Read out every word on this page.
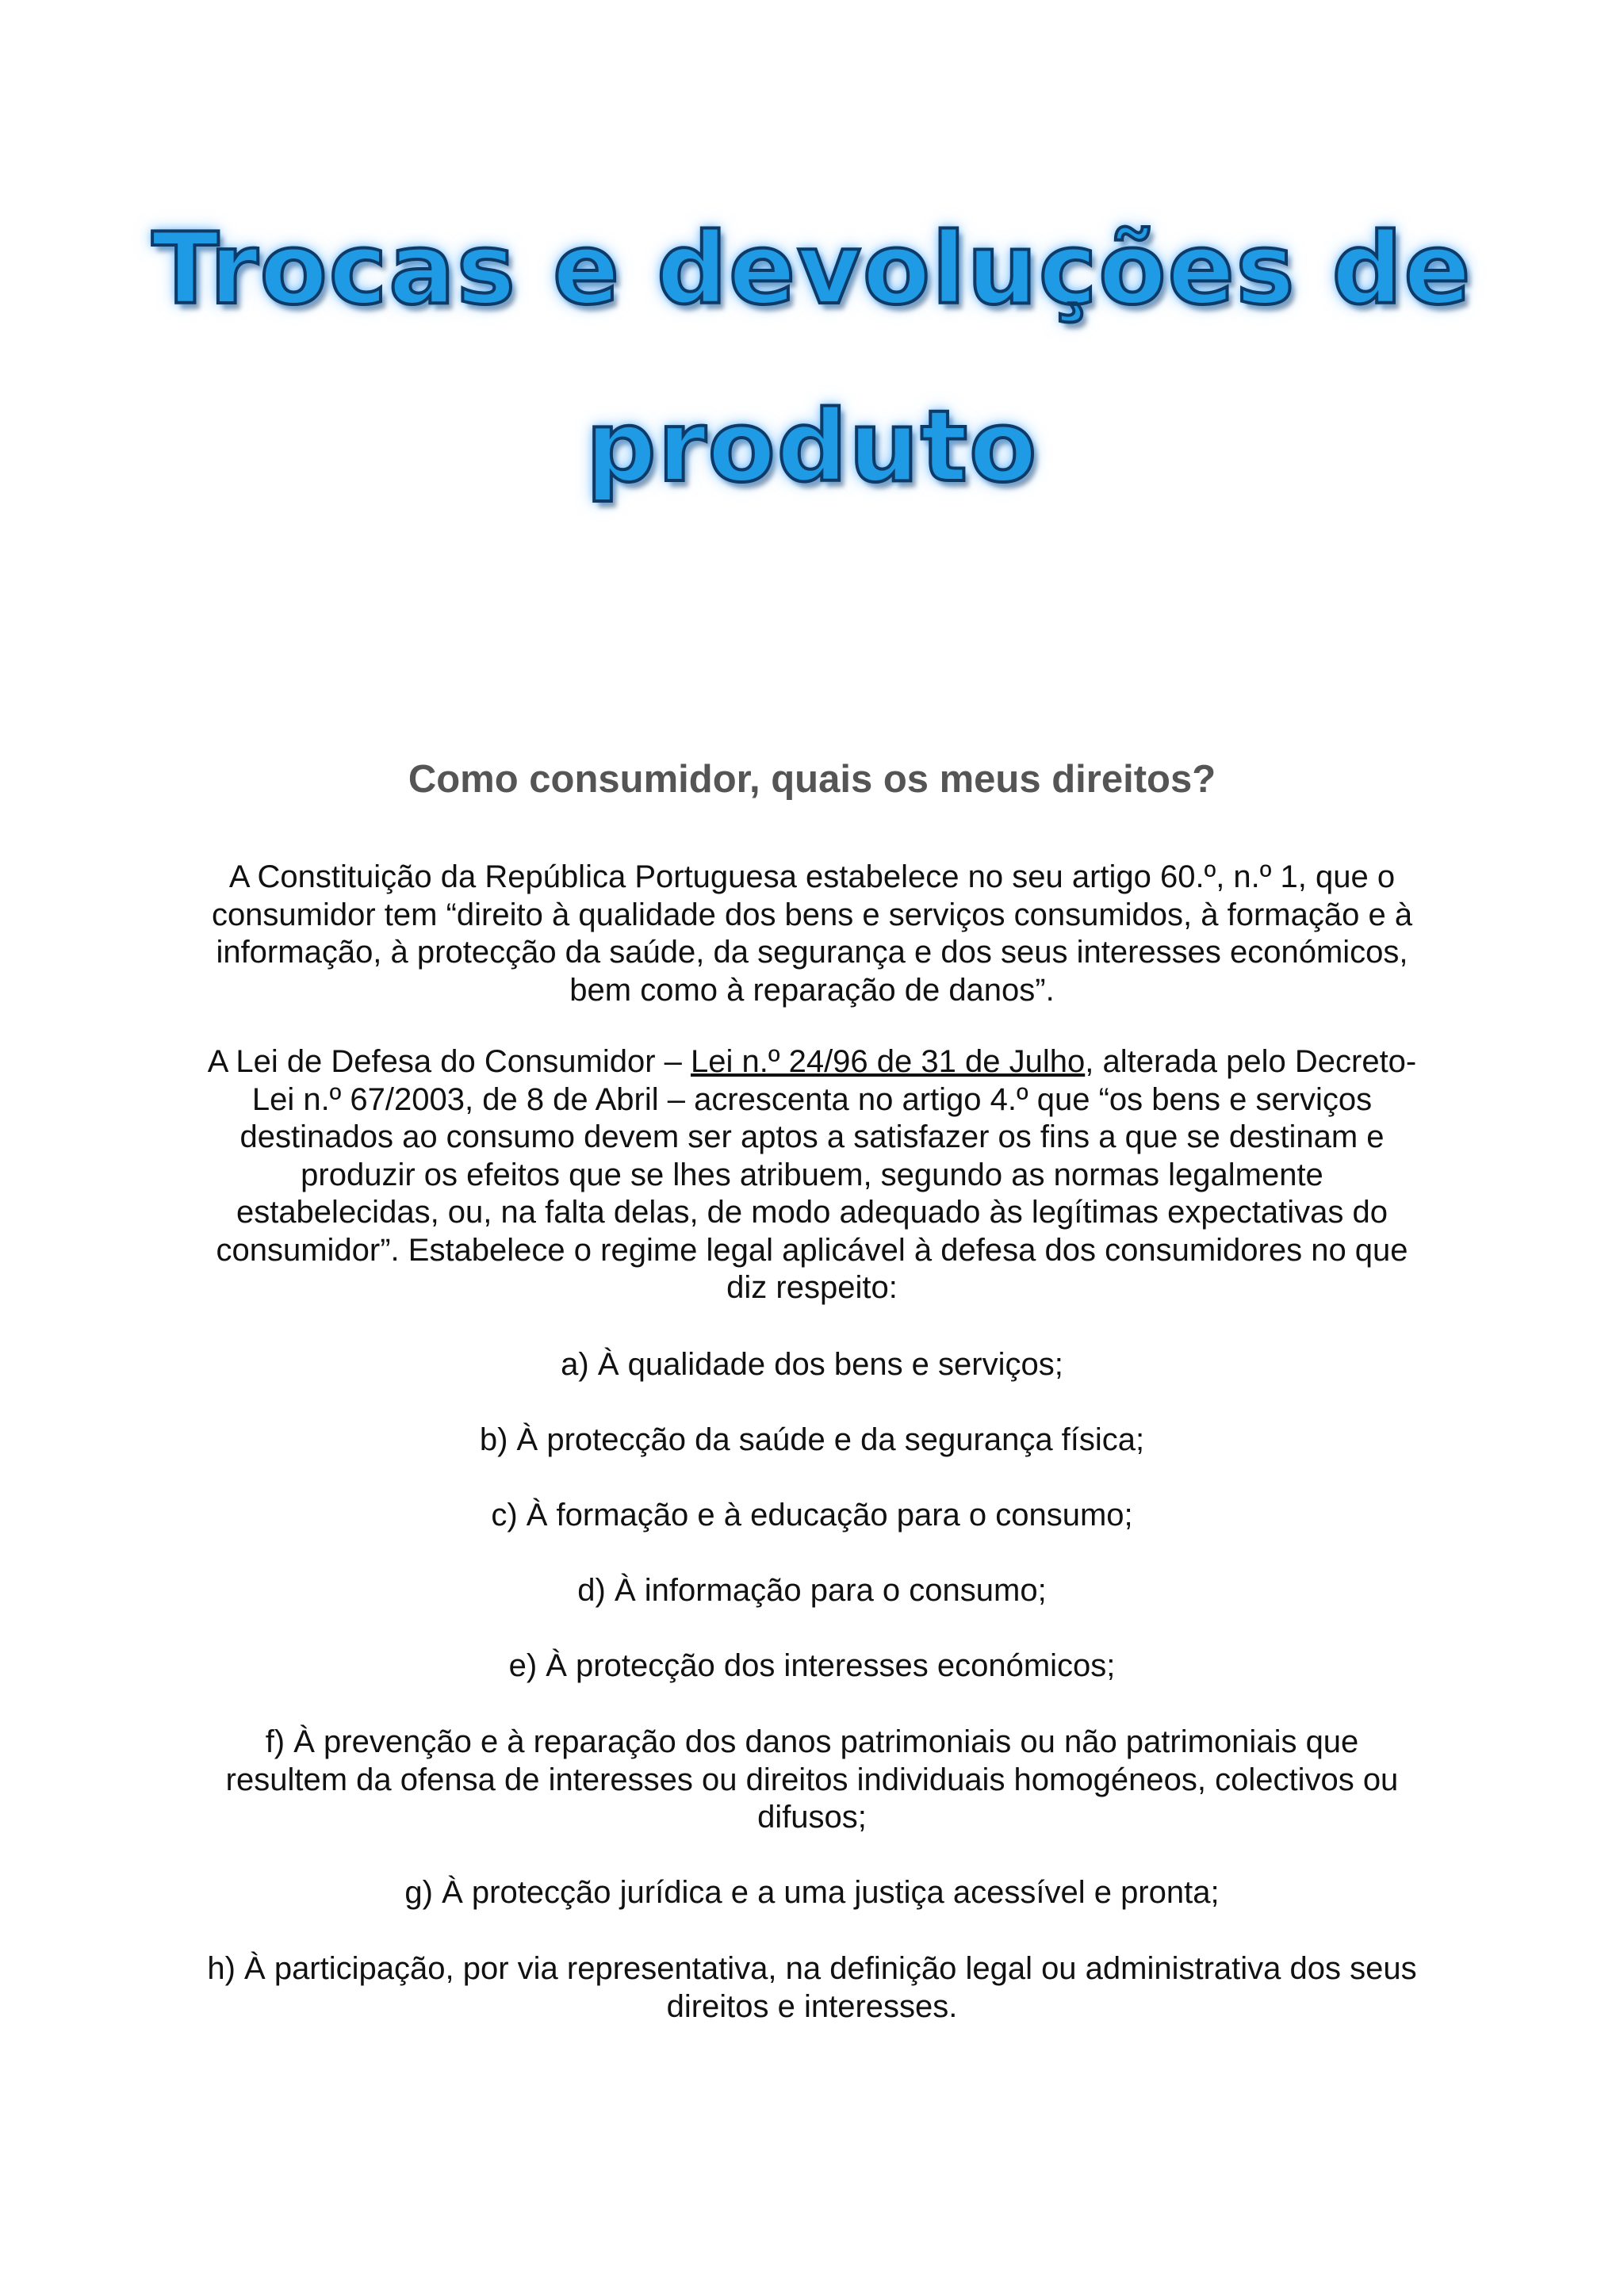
Trocas e devoluções de
produto
Como consumidor, quais os meus direitos?

A Constituição da República Portuguesa estabelece no seu artigo 60.º, n.º 1, que o consumidor tem “direito à qualidade dos bens e serviços consumidos, à formação e à informação, à protecção da saúde, da segurança e dos seus interesses económicos, bem como à reparação de danos”.

A Lei de Defesa do Consumidor – Lei n.º 24/96 de 31 de Julho, alterada pelo Decreto-Lei n.º 67/2003, de 8 de Abril – acrescenta no artigo 4.º que “os bens e serviços destinados ao consumo devem ser aptos a satisfazer os fins a que se destinam e produzir os efeitos que se lhes atribuem, segundo as normas legalmente estabelecidas, ou, na falta delas, de modo adequado às legítimas expectativas do consumidor”. Estabelece o regime legal aplicável à defesa dos consumidores no que diz respeito:

a) À qualidade dos bens e serviços;

b) À protecção da saúde e da segurança física;

c) À formação e à educação para o consumo;

d) À informação para o consumo;

e) À protecção dos interesses económicos;

f) À prevenção e à reparação dos danos patrimoniais ou não patrimoniais que resultem da ofensa de interesses ou direitos individuais homogéneos, colectivos ou difusos;

g) À protecção jurídica e a uma justiça acessível e pronta;

h) À participação, por via representativa, na definição legal ou administrativa dos seus direitos e interesses.
